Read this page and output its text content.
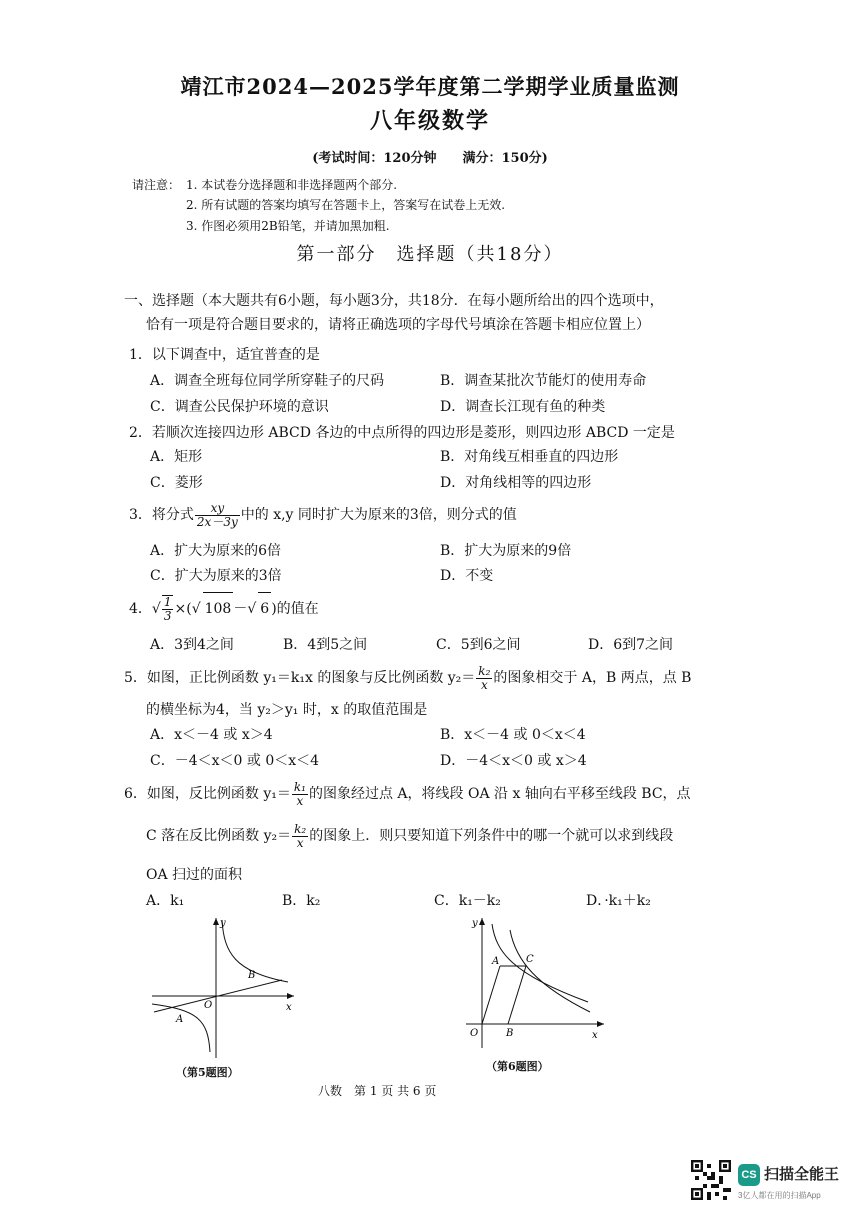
靖江市2024—2025学年度第二学期学业质量监测
八年级数学
(考试时间：120分钟　　满分：150分)
请注意： 1. 本试卷分选择题和非选择题两个部分.
2. 所有试题的答案均填写在答题卡上，答案写在试卷上无效.
3. 作图必须用2B铅笔，并请加黑加粗.
第一部分　选择题（共18分）
一、选择题（本大题共有6小题，每小题3分，共18分．在每小题所给出的四个选项中，
恰有一项是符合题目要求的，请将正确选项的字母代号填涂在答题卡相应位置上）
1．以下调查中，适宜普查的是
A．调查全班每位同学所穿鞋子的尺码	B．调查某批次节能灯的使用寿命
C．调查公民保护环境的意识	D．调查长江现有鱼的种类
2．若顺次连接四边形 ABCD 各边的中点所得的四边形是菱形，则四边形 ABCD 一定是
A．矩形	B．对角线互相垂直的四边形
C．菱形	D．对角线相等的四边形
3．将分式 $\frac{xy}{2x-3y}$ 中的 x,y 同时扩大为原来的3倍，则分式的值
A．扩大为原来的6倍	B．扩大为原来的9倍
C．扩大为原来的3倍	D．不变
4．√ $\frac{1}{3}$ ×(√ 108 －√ 6 )的值在
A．3到4之间	B．4到5之间	C．5到6之间	D．6到7之间
5．如图，正比例函数 y₁＝k₁x 的图象与反比例函数 $y_2= \frac{\text{k₂}}{x}$ 的图象相交于 A，B 两点，点 B
的横坐标为4，当 y₂＞y₁ 时，x 的取值范围是
A．x＜－4 或 x＞4	B．x＜－4 或 0＜x＜4
C．－4＜x＜0 或 0＜x＜4	D．－4＜x＜0 或 x＞4
6．如图，反比例函数 $y_1= \frac{\text{k₁}}{x}$ 的图象经过点 A，将线段 OA 沿 x 轴向右平移至线段 BC，点
C 落在反比例函数 $y_2= \frac{\text{k₂}}{x}$ 的图象上．则只要知道下列条件中的哪一个就可以求到线段
OA 扫过的面积
A．k₁	B．k₂	C．k₁－k₂	D．·k₁＋k₂
y
x
O
B
A
（第5题图）
y
x
O
A	C
B
（第6题图）
八数　第 1 页 共 6 页
CS 扫描全能王
3亿人都在用的扫描App
